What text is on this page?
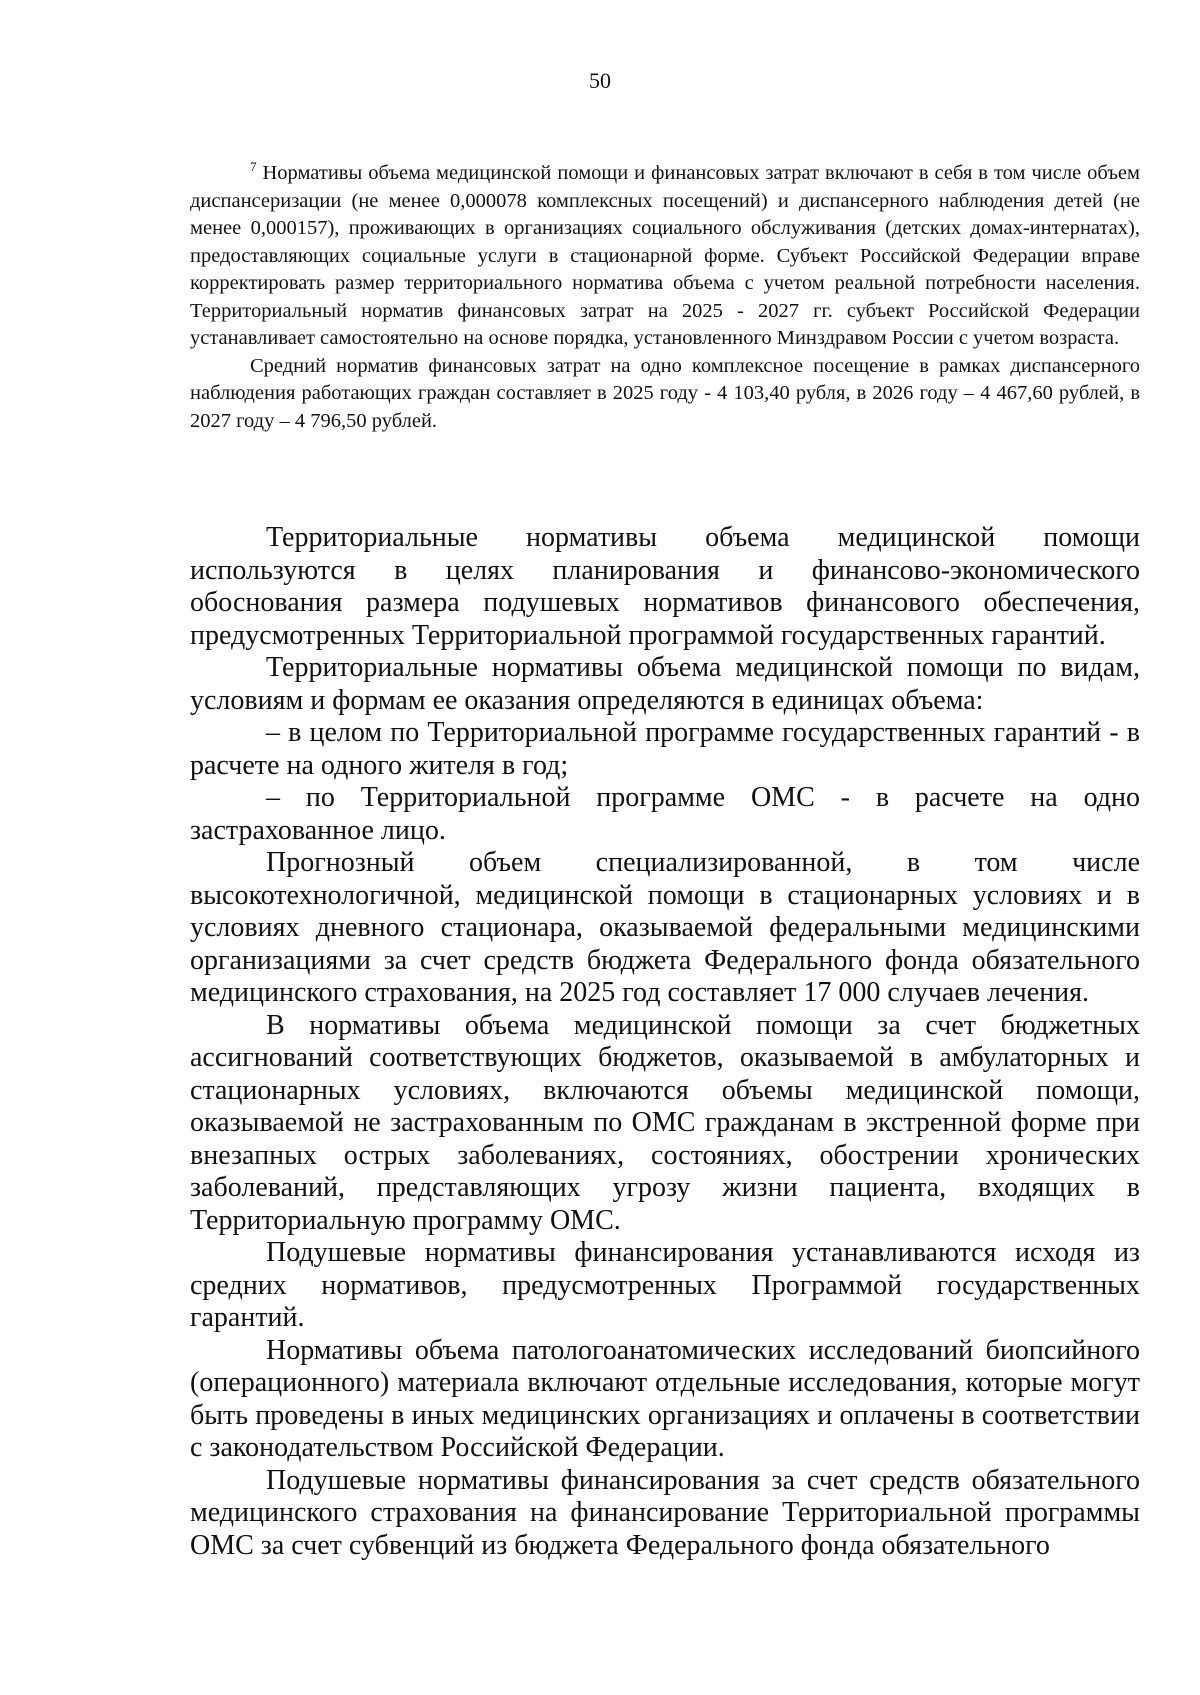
50

$^7$ Нормативы объема медицинской помощи и финансовых затрат включают в себя в том числе объем диспансеризации (не менее 0,000078 комплексных посещений) и диспансерного наблюдения детей (не менее 0,000157), проживающих в организациях социального обслуживания (детских домах-интернатах), предоставляющих социальные услуги в стационарной форме. Субъект Российской Федерации вправе корректировать размер территориального норматива объема с учетом реальной потребности населения. Территориальный норматив финансовых затрат на 2025 - 2027 гг. субъект Российской Федерации устанавливает самостоятельно на основе порядка, установленного Минздравом России с учетом возраста.

Средний норматив финансовых затрат на одно комплексное посещение в рамках диспансерного наблюдения работающих граждан составляет в 2025 году - 4 103,40 рубля, в 2026 году – 4 467,60 рублей, в 2027 году – 4 796,50 рублей.

Территориальные нормативы объема медицинской помощи используются в целях планирования и финансово-экономического обоснования размера подушевых нормативов финансового обеспечения, предусмотренных Территориальной программой государственных гарантий.

Территориальные нормативы объема медицинской помощи по видам, условиям и формам ее оказания определяются в единицах объема:

– в целом по Территориальной программе государственных гарантий - в расчете на одного жителя в год;

– по Территориальной программе ОМС - в расчете на одно застрахованное лицо.

Прогнозный объем специализированной, в том числе высокотехнологичной, медицинской помощи в стационарных условиях и в условиях дневного стационара, оказываемой федеральными медицинскими организациями за счет средств бюджета Федерального фонда обязательного медицинского страхования, на 2025 год составляет 17 000 случаев лечения.

В нормативы объема медицинской помощи за счет бюджетных ассигнований соответствующих бюджетов, оказываемой в амбулаторных и стационарных условиях, включаются объемы медицинской помощи, оказываемой не застрахованным по ОМС гражданам в экстренной форме при внезапных острых заболеваниях, состояниях, обострении хронических заболеваний, представляющих угрозу жизни пациента, входящих в Территориальную программу ОМС.

Подушевые нормативы финансирования устанавливаются исходя из средних нормативов, предусмотренных Программой государственных гарантий.

Нормативы объема патологоанатомических исследований биопсийного (операционного) материала включают отдельные исследования, которые могут быть проведены в иных медицинских организациях и оплачены в соответствии с законодательством Российской Федерации.

Подушевые нормативы финансирования за счет средств обязательного медицинского страхования на финансирование Территориальной программы ОМС за счет субвенций из бюджета Федерального фонда обязательного
